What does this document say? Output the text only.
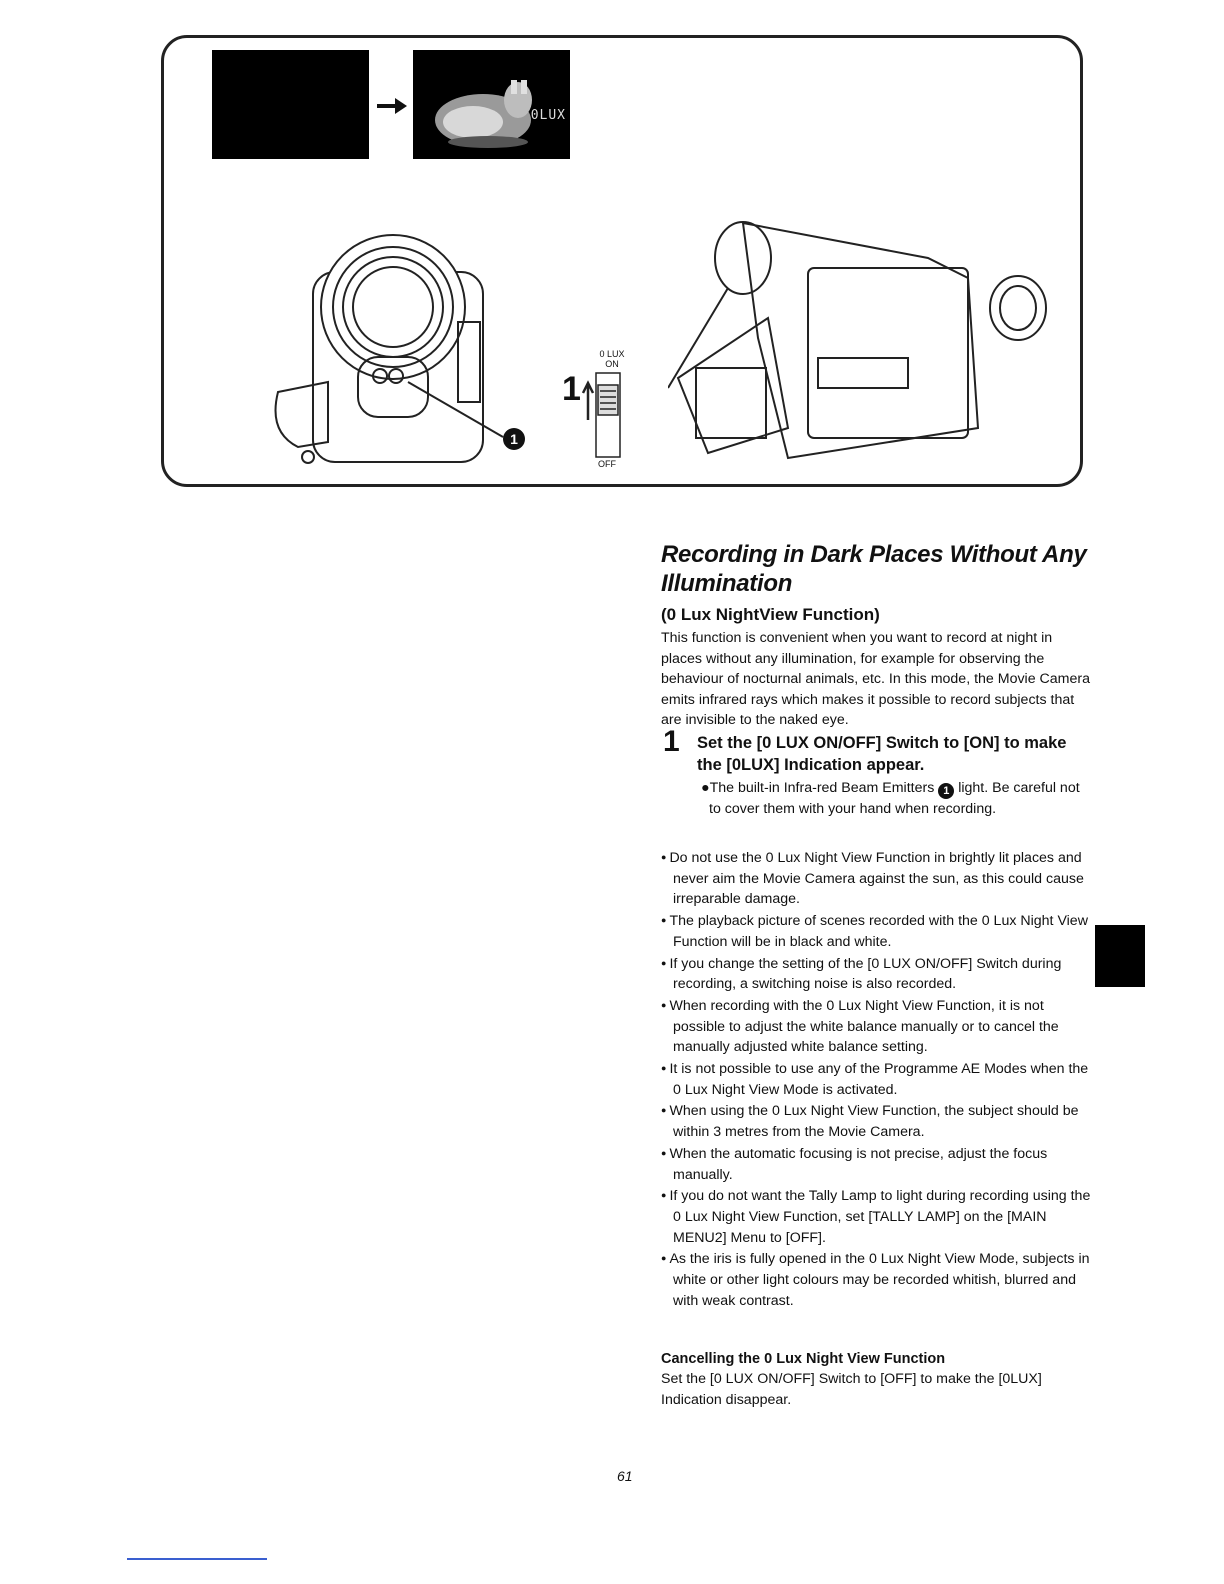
0LUX
0 LUX
ON
1
OFF
1
Recording in Dark Places Without Any Illumination
(0 Lux NightView Function)

This function is convenient when you want to record at night in places without any illumination, for example for observing the behaviour of nocturnal animals, etc. In this mode, the Movie Camera emits infrared rays which makes it possible to record subjects that are invisible to the naked eye.

1 Set the [0 LUX ON/OFF] Switch to [ON] to make the [0LUX] Indication appear.

●The built-in Infra-red Beam Emitters 1 light. Be careful not to cover them with your hand when recording.

● Do not use the 0 Lux Night View Function in brightly lit places and never aim the Movie Camera against the sun, as this could cause irreparable damage.
● The playback picture of scenes recorded with the 0 Lux Night View Function will be in black and white.
● If you change the setting of the [0 LUX ON/OFF] Switch during recording, a switching noise is also recorded.
● When recording with the 0 Lux Night View Function, it is not possible to adjust the white balance manually or to cancel the manually adjusted white balance setting.
● It is not possible to use any of the Programme AE Modes when the 0 Lux Night View Mode is activated.
● When using the 0 Lux Night View Function, the subject should be within 3 metres from the Movie Camera.
● When the automatic focusing is not precise, adjust the focus manually.
● If you do not want the Tally Lamp to light during recording using the 0 Lux Night View Function, set [TALLY LAMP] on the [MAIN MENU2] Menu to [OFF].
● As the iris is fully opened in the 0 Lux Night View Mode, subjects in white or other light colours may be recorded whitish, blurred and with weak contrast.

Cancelling the 0 Lux Night View Function

Set the [0 LUX ON/OFF] Switch to [OFF] to make the [0LUX] Indication disappear.

61
